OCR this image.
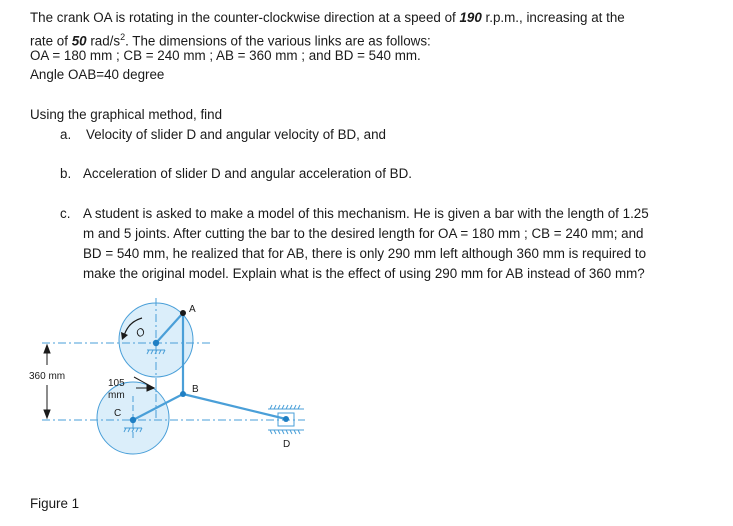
The crank OA is rotating in the counter-clockwise direction at a speed of 190 r.p.m., increasing at the
rate of 50 rad/$s^2$. The dimensions of the various links are as follows:
OA = 180 mm ; CB = 240 mm ; AB = 360 mm ; and BD = 540 mm.
Angle OAB=40 degree
Using the graphical method, find
a. Velocity of slider D and angular velocity of BD, and
b. Acceleration of slider D and angular acceleration of BD.
c. A student is asked to make a model of this mechanism. He is given a bar with the length of 1.25
m and 5 joints. After cutting the bar to the desired length for OA = 180 mm ; CB = 240 mm; and
BD = 540 mm, he realized that for AB, there is only 290 mm left although 360 mm is required to
make the original model. Explain what is the effect of using 290 mm for AB instead of 360 mm?
O
A
B
C
D
360 mm
105
mm
Figure 1
